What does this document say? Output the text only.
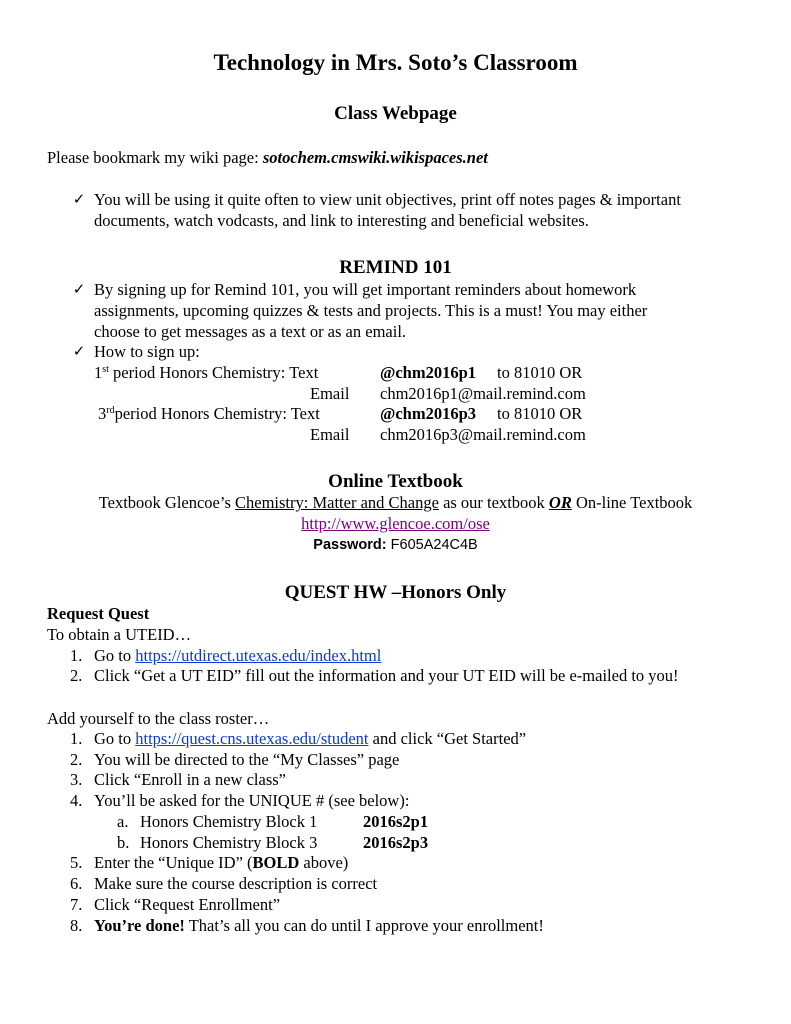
Technology in Mrs. Soto’s Classroom
Class Webpage
Please bookmark my wiki page: sotochem.cmswiki.wikispaces.net
✓ You will be using it quite often to view unit objectives, print off notes pages & important
documents, watch vodcasts, and link to interesting and beneficial websites.
REMIND 101
✓ By signing up for Remind 101, you will get important reminders about homework
assignments, upcoming quizzes & tests and projects. This is a must! You may either
choose to get messages as a text or as an email.
✓ How to sign up:
1st period Honors Chemistry: Text	@chm2016p1 to 81010 OR
Email chm2016p1@mail.remind.com
3rdperiod Honors Chemistry: Text	@chm2016p3 to 81010 OR
Email chm2016p3@mail.remind.com
Online Textbook
Textbook Glencoe’s Chemistry: Matter and Change as our textbook OR On-line Textbook
http://www.glencoe.com/ose
Password: F605A24C4B
QUEST HW –Honors Only
Request Quest
To obtain a UTEID…
1. Go to https://utdirect.utexas.edu/index.html
2. Click “Get a UT EID” fill out the information and your UT EID will be e-mailed to you!
Add yourself to the class roster…
1. Go to https://quest.cns.utexas.edu/student and click “Get Started”
2. You will be directed to the “My Classes” page
3. Click “Enroll in a new class”
4. You’ll be asked for the UNIQUE # (see below):
a. Honors Chemistry Block 1	2016s2p1
b. Honors Chemistry Block 3	2016s2p3
5. Enter the “Unique ID” (BOLD above)
6. Make sure the course description is correct
7. Click “Request Enrollment”
8. You’re done! That’s all you can do until I approve your enrollment!
